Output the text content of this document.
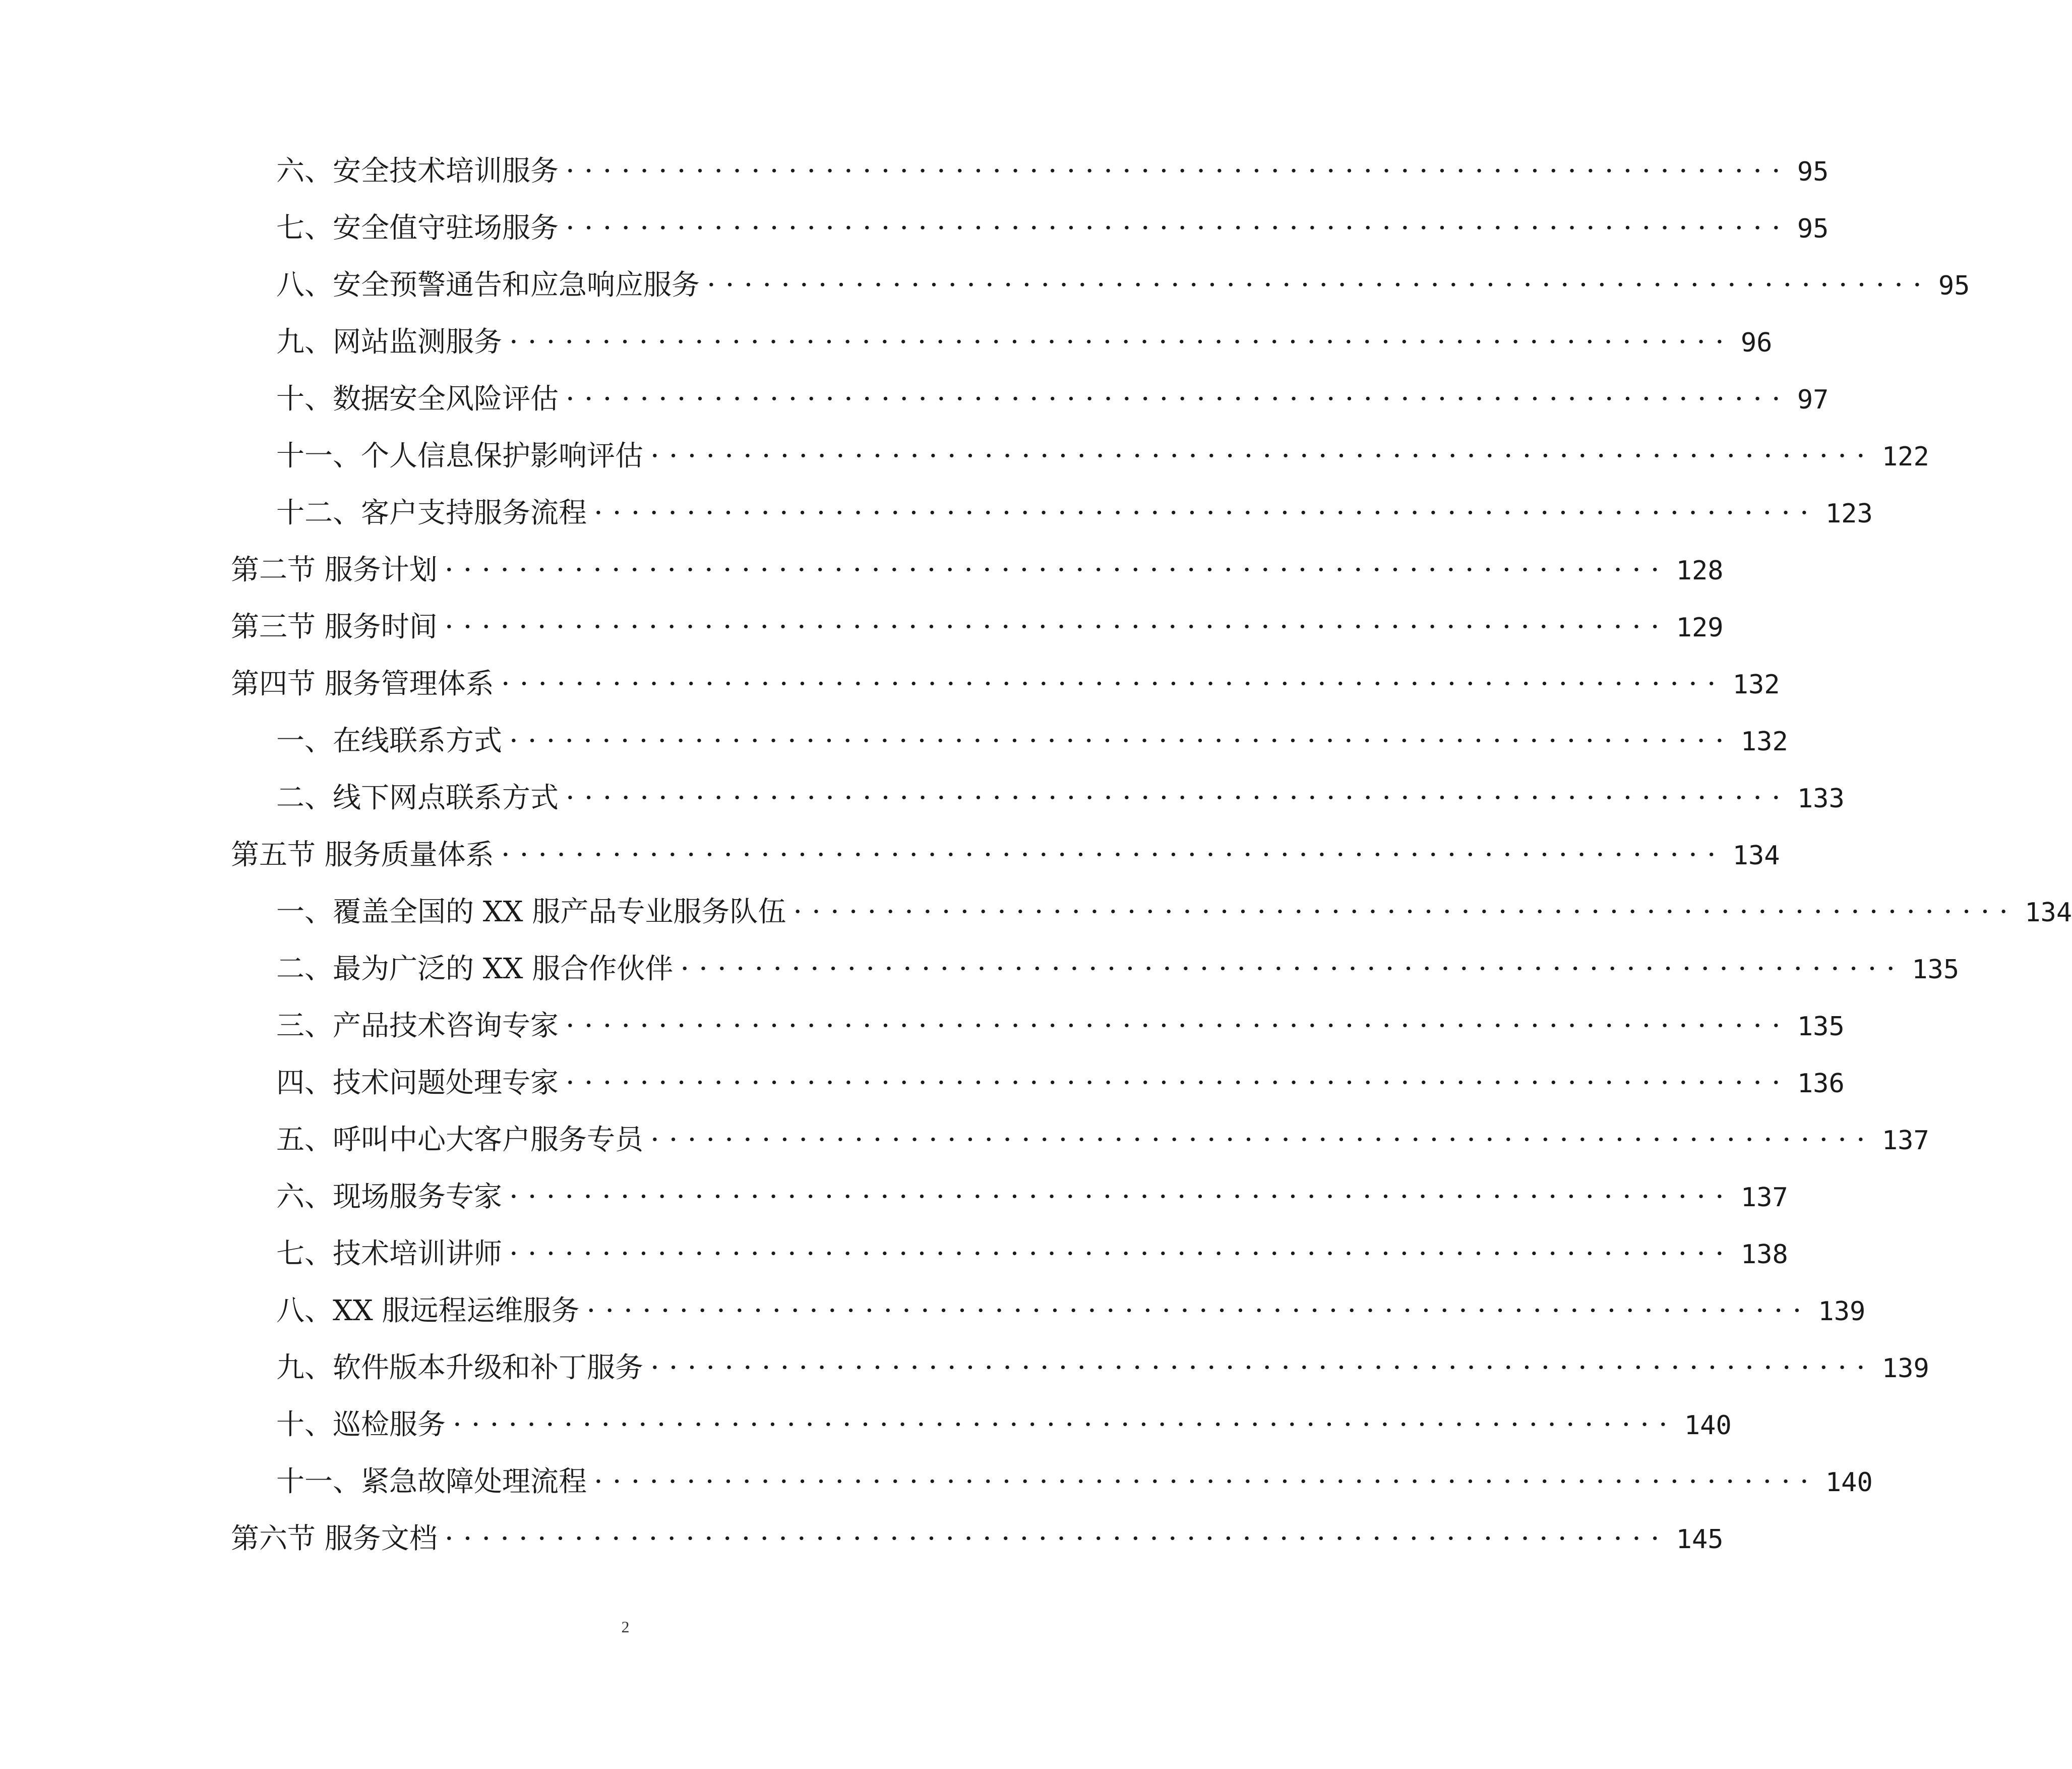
六、安全技术培训服务 ·································································· 95
七、安全值守驻场服务 ·································································· 95
八、安全预警通告和应急响应服务 ·································································· 95
九、网站监测服务 ·································································· 96
十、数据安全风险评估 ·································································· 97
十一、个人信息保护影响评估 ·································································· 122
十二、客户支持服务流程 ·································································· 123
第二节 服务计划 ·································································· 128
第三节 服务时间 ·································································· 129
第四节 服务管理体系 ·································································· 132
一、在线联系方式 ·································································· 132
二、线下网点联系方式 ·································································· 133
第五节 服务质量体系 ·································································· 134
一、覆盖全国的 XX 服产品专业服务队伍 ·································································· 134
二、最为广泛的 XX 服合作伙伴 ·································································· 135
三、产品技术咨询专家 ·································································· 135
四、技术问题处理专家 ·································································· 136
五、呼叫中心大客户服务专员 ·································································· 137
六、现场服务专家 ·································································· 137
七、技术培训讲师 ·································································· 138
八、XX 服远程运维服务 ·································································· 139
九、软件版本升级和补丁服务 ·································································· 139
十、巡检服务 ·································································· 140
十一、紧急故障处理流程 ·································································· 140
第六节 服务文档 ·································································· 145
2
